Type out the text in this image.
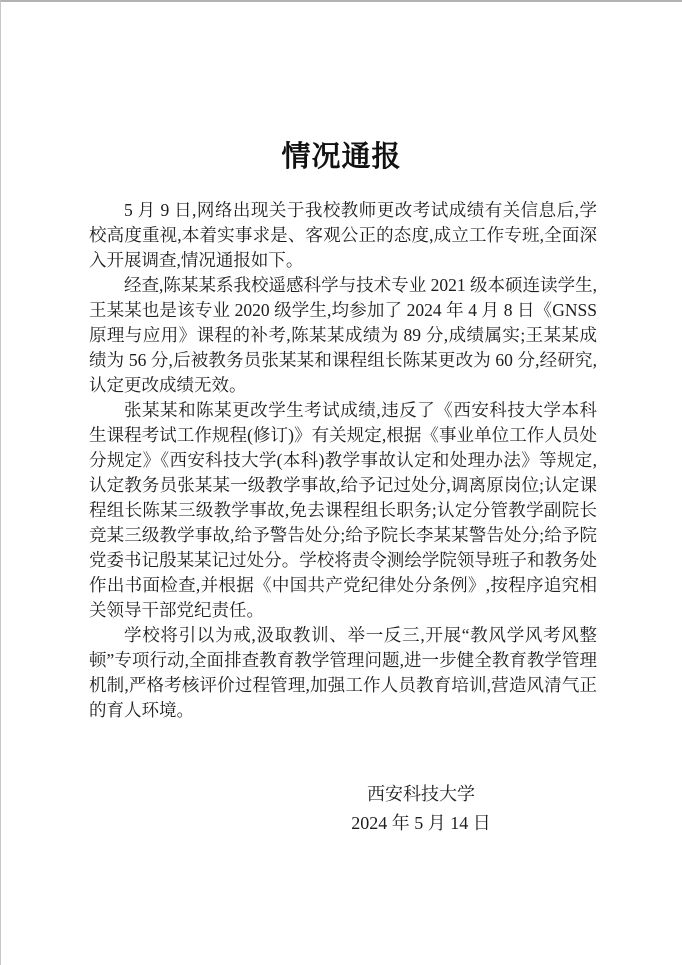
情况通报

5 月 9 日,网络出现关于我校教师更改考试成绩有关信息后,学校高度重视,本着实事求是、客观公正的态度,成立工作专班,全面深入开展调查,情况通报如下。

经查,陈某某系我校遥感科学与技术专业 2021 级本硕连读学生,王某某也是该专业 2020 级学生,均参加了 2024 年 4 月 8 日《GNSS 原理与应用》课程的补考,陈某某成绩为 89 分,成绩属实;王某某成绩为 56 分,后被教务员张某某和课程组长陈某更改为 60 分,经研究,认定更改成绩无效。

张某某和陈某更改学生考试成绩,违反了《西安科技大学本科生课程考试工作规程(修订)》有关规定,根据《事业单位工作人员处分规定》《西安科技大学(本科)教学事故认定和处理办法》等规定,认定教务员张某某一级教学事故,给予记过处分,调离原岗位;认定课程组长陈某三级教学事故,免去课程组长职务;认定分管教学副院长竞某三级教学事故,给予警告处分;给予院长李某某警告处分;给予院党委书记殷某某记过处分。学校将责令测绘学院领导班子和教务处作出书面检查,并根据《中国共产党纪律处分条例》,按程序追究相关领导干部党纪责任。

学校将引以为戒,汲取教训、举一反三,开展“教风学风考风整顿”专项行动,全面排查教育教学管理问题,进一步健全教育教学管理机制,严格考核评价过程管理,加强工作人员教育培训,营造风清气正的育人环境。

西安科技大学
2024 年 5 月 14 日
